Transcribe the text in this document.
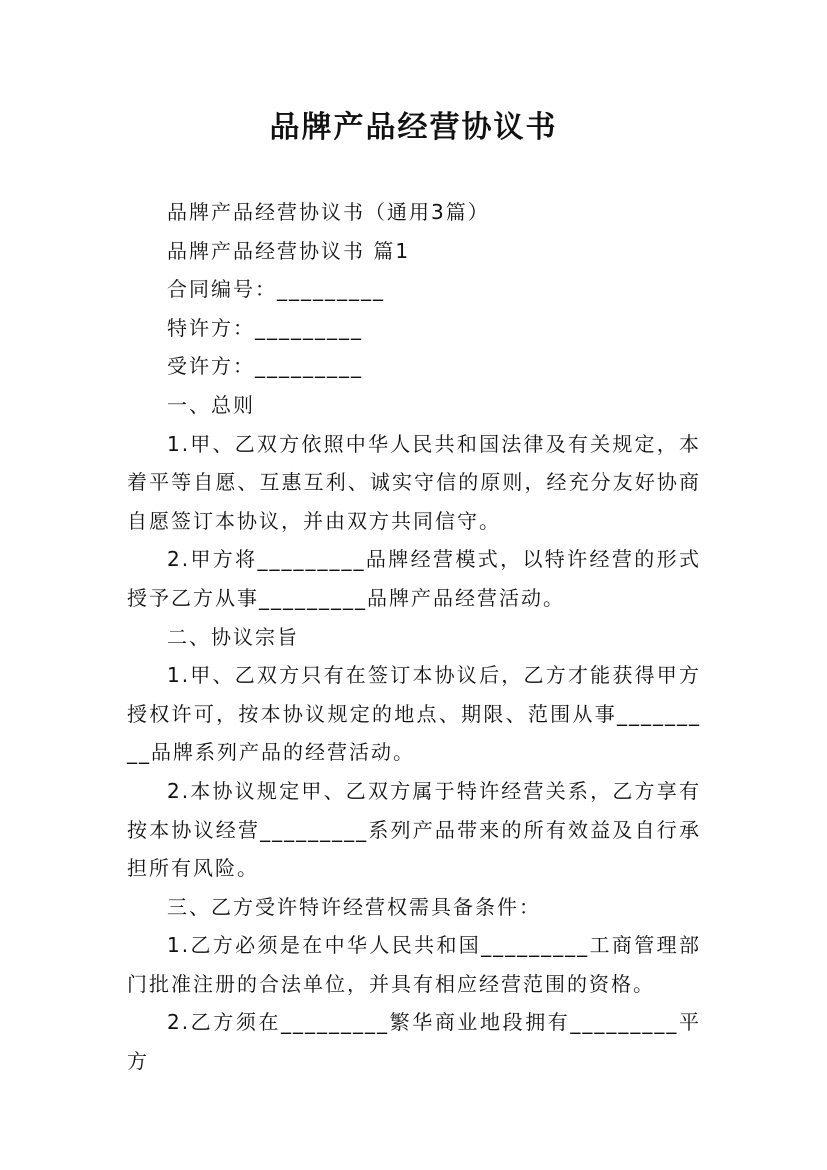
品牌产品经营协议书

品牌产品经营协议书（通用3篇）

品牌产品经营协议书 篇1

合同编号：_________

特许方：_________

受许方：_________

一、总则

1.甲、乙双方依照中华人民共和国法律及有关规定，本着平等自愿、互惠互利、诚实守信的原则，经充分友好协商自愿签订本协议，并由双方共同信守。

2.甲方将_________品牌经营模式，以特许经营的形式授予乙方从事_________品牌产品经营活动。

二、协议宗旨

1.甲、乙双方只有在签订本协议后，乙方才能获得甲方授权许可，按本协议规定的地点、期限、范围从事_________品牌系列产品的经营活动。

2.本协议规定甲、乙双方属于特许经营关系，乙方享有按本协议经营_________系列产品带来的所有效益及自行承担所有风险。

三、乙方受许特许经营权需具备条件：

1.乙方必须是在中华人民共和国_________工商管理部门批准注册的合法单位，并具有相应经营范围的资格。

2.乙方须在_________繁华商业地段拥有_________平方
